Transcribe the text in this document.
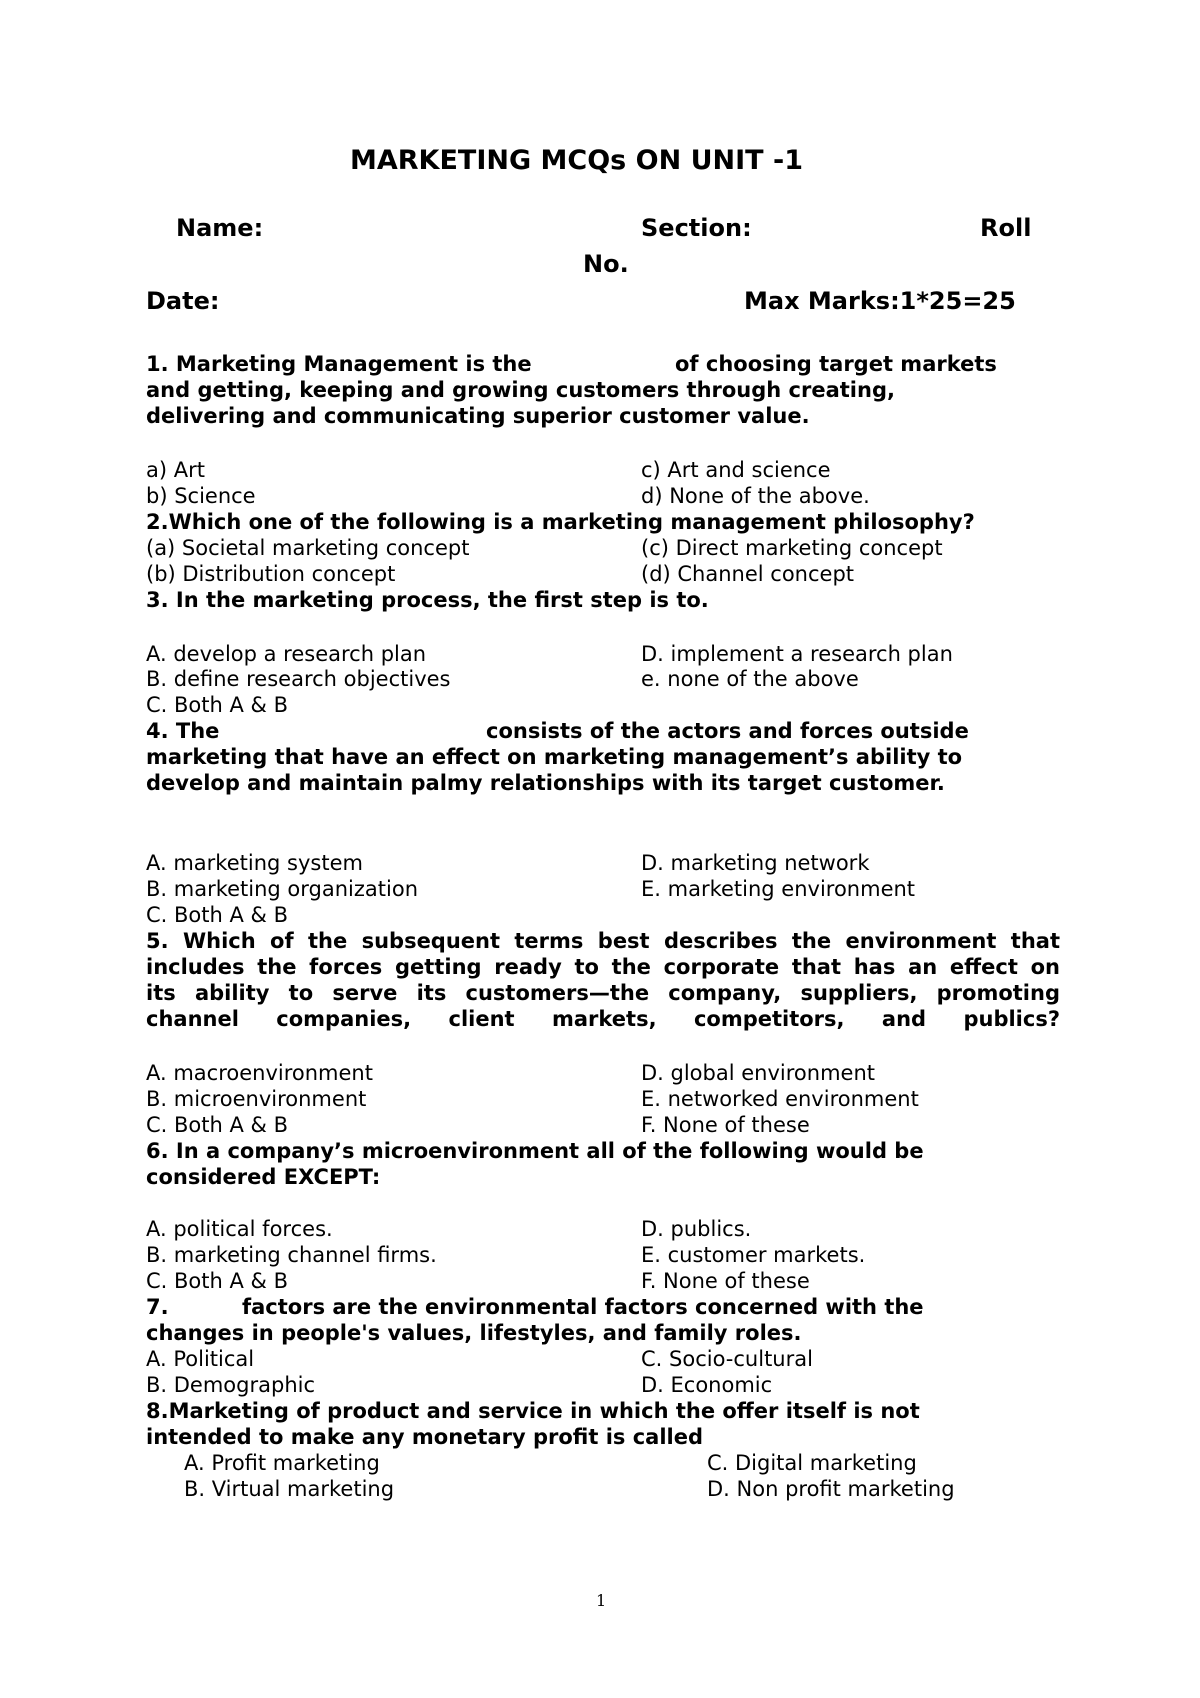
MARKETING MCQs ON UNIT -1
Name:	Section:	Roll
No.
Date:	Max Marks:1*25=25
1. Marketing Management is the	of choosing target markets
and getting, keeping and growing customers through creating,
delivering and communicating superior customer value.
a) Art	c) Art and science
b) Science	d) None of the above.
2.Which one of the following is a marketing management philosophy?
(a) Societal marketing concept	(c) Direct marketing concept
(b) Distribution concept	(d) Channel concept
3. In the marketing process, the first step is to.
A. develop a research plan	D. implement a research plan
B. define research objectives	e. none of the above
C. Both A & B
4. The	consists of the actors and forces outside
marketing that have an effect on marketing management’s ability to
develop and maintain palmy relationships with its target customer.
A. marketing system	D. marketing network
B. marketing organization	E. marketing environment
C. Both A & B
5. Which of the subsequent terms best describes the environment that
includes the forces getting ready to the corporate that has an effect on
its ability to serve its customers—the company, suppliers, promoting
channel companies, client markets, competitors, and publics?
A. macroenvironment	D. global environment
B. microenvironment	E. networked environment
C. Both A & B	F. None of these
6. In a company’s microenvironment all of the following would be
considered EXCEPT:
A. political forces.	D. publics.
B. marketing channel firms.	E. customer markets.
C. Both A & B	F. None of these
7.	factors are the environmental factors concerned with the
changes in people's values, lifestyles, and family roles.
A. Political	C. Socio-cultural
B. Demographic	D. Economic
8.Marketing of product and service in which the offer itself is not
intended to make any monetary profit is called
A. Profit marketing	C. Digital marketing
B. Virtual marketing	D. Non profit marketing
1
